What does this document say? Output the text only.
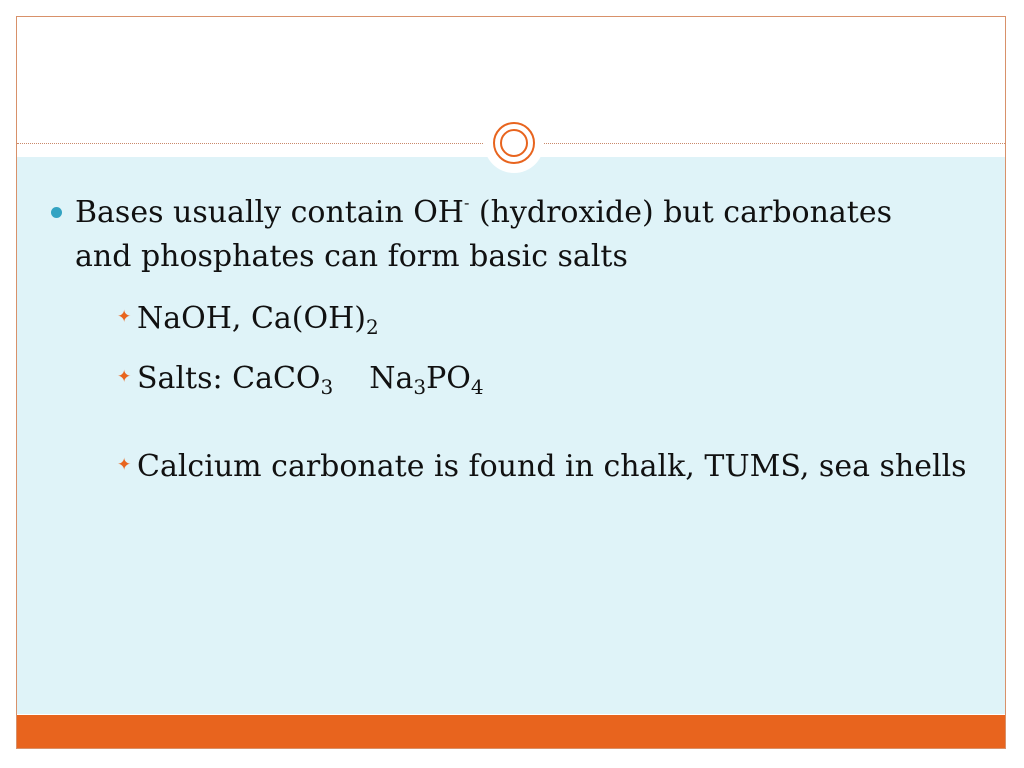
Bases usually contain OH- (hydroxide) but carbonates and phosphates can form basic salts
✦ NaOH, $Ca(OH)_2$
✦ Salts: CaCO$_3$ $Na_3PO_4$
✦ Calcium carbonate is found in chalk, TUMS, sea shells
